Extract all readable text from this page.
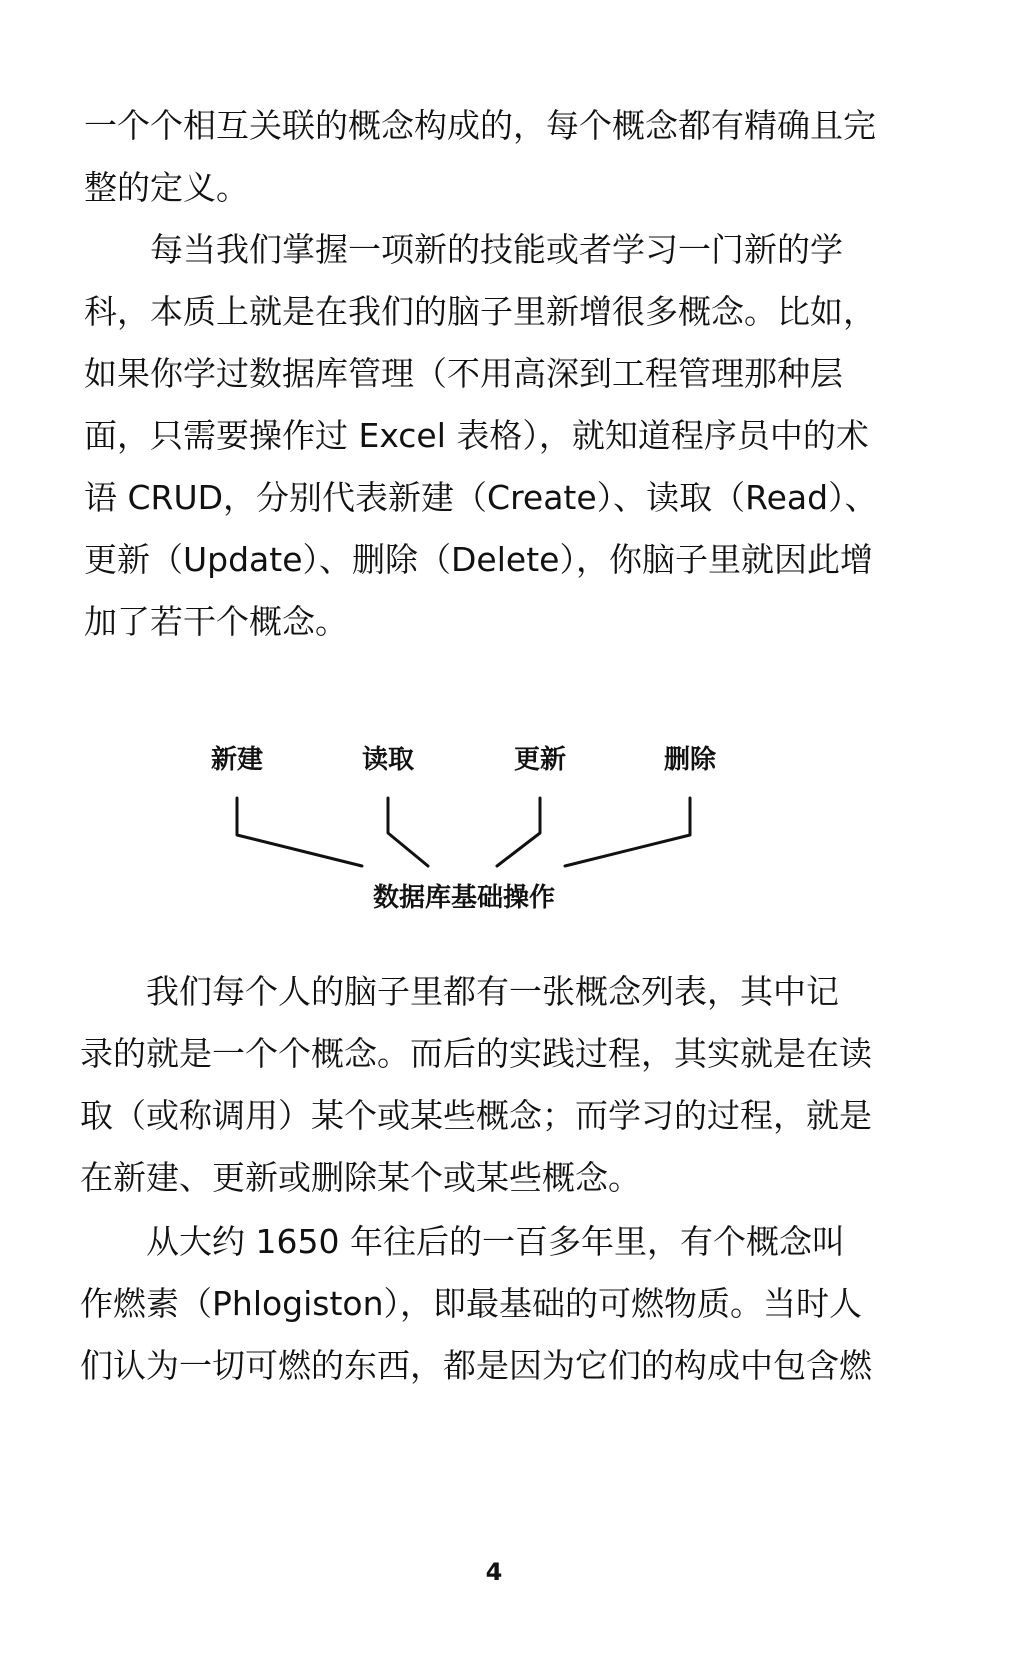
一个个相互关联的概念构成的，每个概念都有精确且完
整的定义。
每当我们掌握一项新的技能或者学习一门新的学
科，本质上就是在我们的脑子里新增很多概念。比如，
如果你学过数据库管理（不用高深到工程管理那种层
面，只需要操作过 Excel 表格），就知道程序员中的术
语 CRUD，分别代表新建（Create）、读取（Read）、
更新（Update）、删除（Delete），你脑子里就因此增
加了若干个概念。
新建	读取	更新	删除
数据库基础操作
我们每个人的脑子里都有一张概念列表，其中记
录的就是一个个概念。而后的实践过程，其实就是在读
取（或称调用）某个或某些概念；而学习的过程，就是
在新建、更新或删除某个或某些概念。
从大约 1650 年往后的一百多年里，有个概念叫
作燃素（Phlogiston），即最基础的可燃物质。当时人
们认为一切可燃的东西，都是因为它们的构成中包含燃
4
